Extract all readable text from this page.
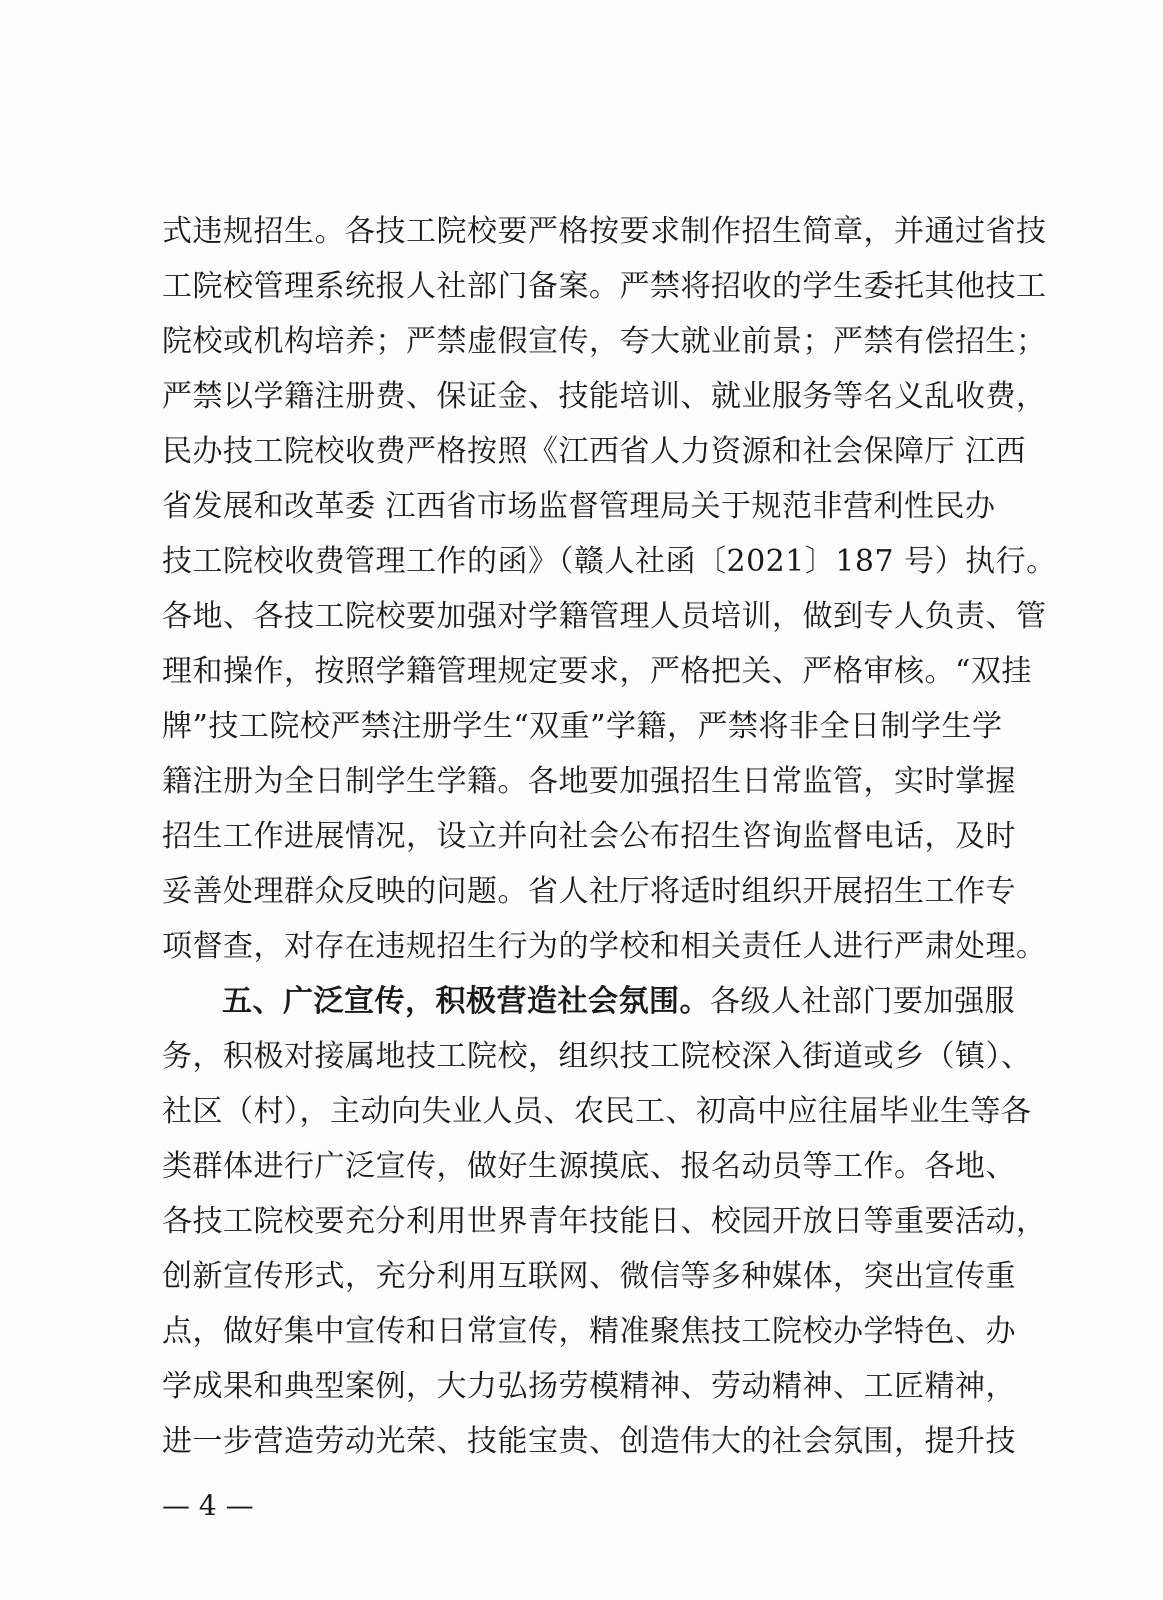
式违规招生。各技工院校要严格按要求制作招生简章，并通过省技
工院校管理系统报人社部门备案。严禁将招收的学生委托其他技工
院校或机构培养；严禁虚假宣传，夸大就业前景；严禁有偿招生；
严禁以学籍注册费、保证金、技能培训、就业服务等名义乱收费，
民办技工院校收费严格按照《江西省人力资源和社会保障厅 江西
省发展和改革委 江西省市场监督管理局关于规范非营利性民办
技工院校收费管理工作的函》（赣人社函〔2021〕187 号）执行。
各地、各技工院校要加强对学籍管理人员培训，做到专人负责、管
理和操作，按照学籍管理规定要求，严格把关、严格审核。“双挂
牌”技工院校严禁注册学生“双重”学籍，严禁将非全日制学生学
籍注册为全日制学生学籍。各地要加强招生日常监管，实时掌握
招生工作进展情况，设立并向社会公布招生咨询监督电话，及时
妥善处理群众反映的问题。省人社厅将适时组织开展招生工作专
项督查，对存在违规招生行为的学校和相关责任人进行严肃处理。
五、广泛宣传，积极营造社会氛围。各级人社部门要加强服
务，积极对接属地技工院校，组织技工院校深入街道或乡（镇）、
社区（村），主动向失业人员、农民工、初高中应往届毕业生等各
类群体进行广泛宣传，做好生源摸底、报名动员等工作。各地、
各技工院校要充分利用世界青年技能日、校园开放日等重要活动，
创新宣传形式，充分利用互联网、微信等多种媒体，突出宣传重
点，做好集中宣传和日常宣传，精准聚焦技工院校办学特色、办
学成果和典型案例，大力弘扬劳模精神、劳动精神、工匠精神，
进一步营造劳动光荣、技能宝贵、创造伟大的社会氛围，提升技
— 4 —
